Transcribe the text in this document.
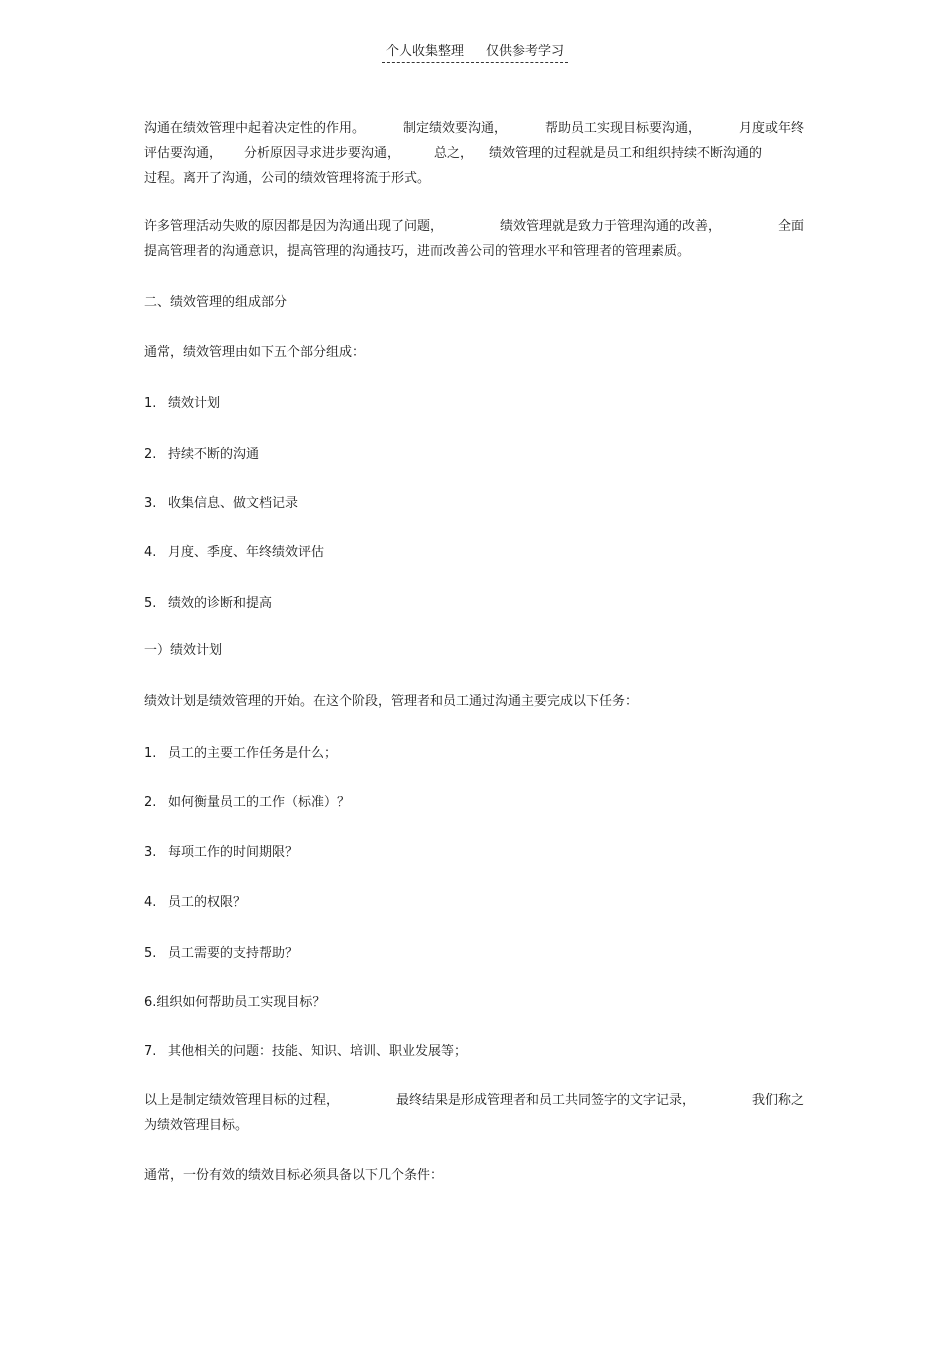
个人收集整理 仅供参考学习
沟通在绩效管理中起着决定性的作用。	制定绩效要沟通，	帮助员工实现目标要沟通，	月度或年终
评估要沟通， 分析原因寻求进步要沟通，	总之， 绩效管理的过程就是员工和组织持续不断沟通的
过程。离开了沟通，公司的绩效管理将流于形式。
许多管理活动失败的原因都是因为沟通出现了问题，	绩效管理就是致力于管理沟通的改善，	全面
提高管理者的沟通意识，提高管理的沟通技巧，进而改善公司的管理水平和管理者的管理素质。
二、绩效管理的组成部分
通常，绩效管理由如下五个部分组成：
1. 绩效计划
2. 持续不断的沟通
3. 收集信息、做文档记录
4. 月度、季度、年终绩效评估
5. 绩效的诊断和提高
一）绩效计划
绩效计划是绩效管理的开始。在这个阶段，管理者和员工通过沟通主要完成以下任务：
1. 员工的主要工作任务是什么；
2. 如何衡量员工的工作（标准）？
3. 每项工作的时间期限？
4. 员工的权限？
5. 员工需要的支持帮助？
6.组织如何帮助员工实现目标？
7. 其他相关的问题：技能、知识、培训、职业发展等；
以上是制定绩效管理目标的过程，	最终结果是形成管理者和员工共同签字的文字记录，	我们称之
为绩效管理目标。
通常，一份有效的绩效目标必须具备以下几个条件：
